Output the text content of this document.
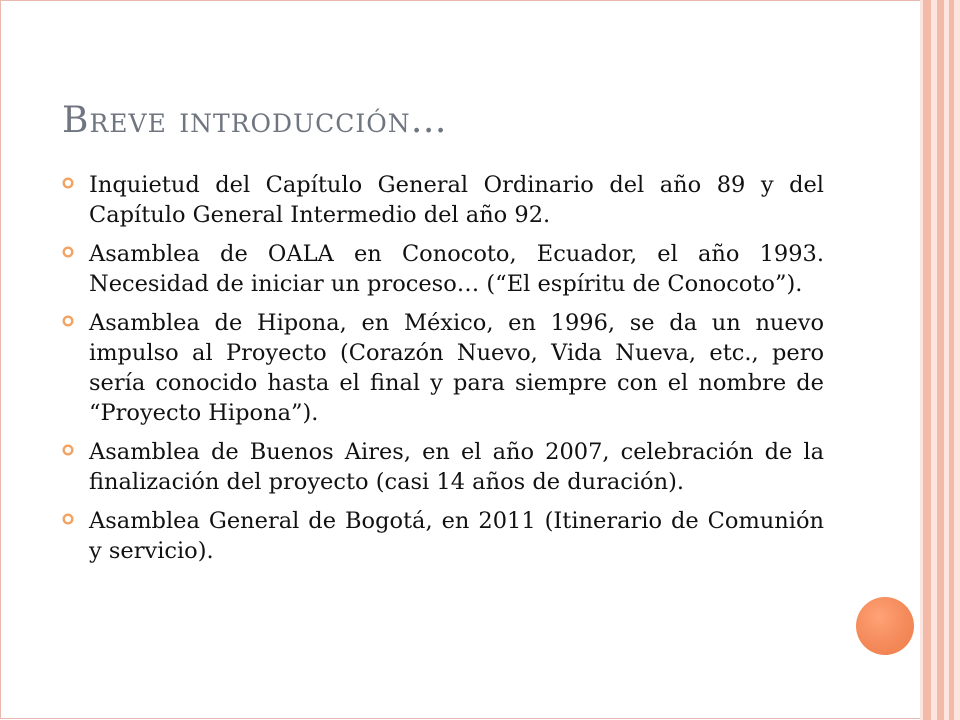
Breve introducción…
Inquietud del Capítulo General Ordinario del año 89 y del Capítulo General Intermedio del año 92.
Asamblea de OALA en Conocoto, Ecuador, el año 1993. Necesidad de iniciar un proceso… (“El espíritu de Conocoto”).
Asamblea de Hipona, en México, en 1996, se da un nuevo impulso al Proyecto (Corazón Nuevo, Vida Nueva, etc., pero sería conocido hasta el final y para siempre con el nombre de “Proyecto Hipona”).
Asamblea de Buenos Aires, en el año 2007, celebración de la finalización del proyecto (casi 14 años de duración).
Asamblea General de Bogotá, en 2011 (Itinerario de Comunión y servicio).
